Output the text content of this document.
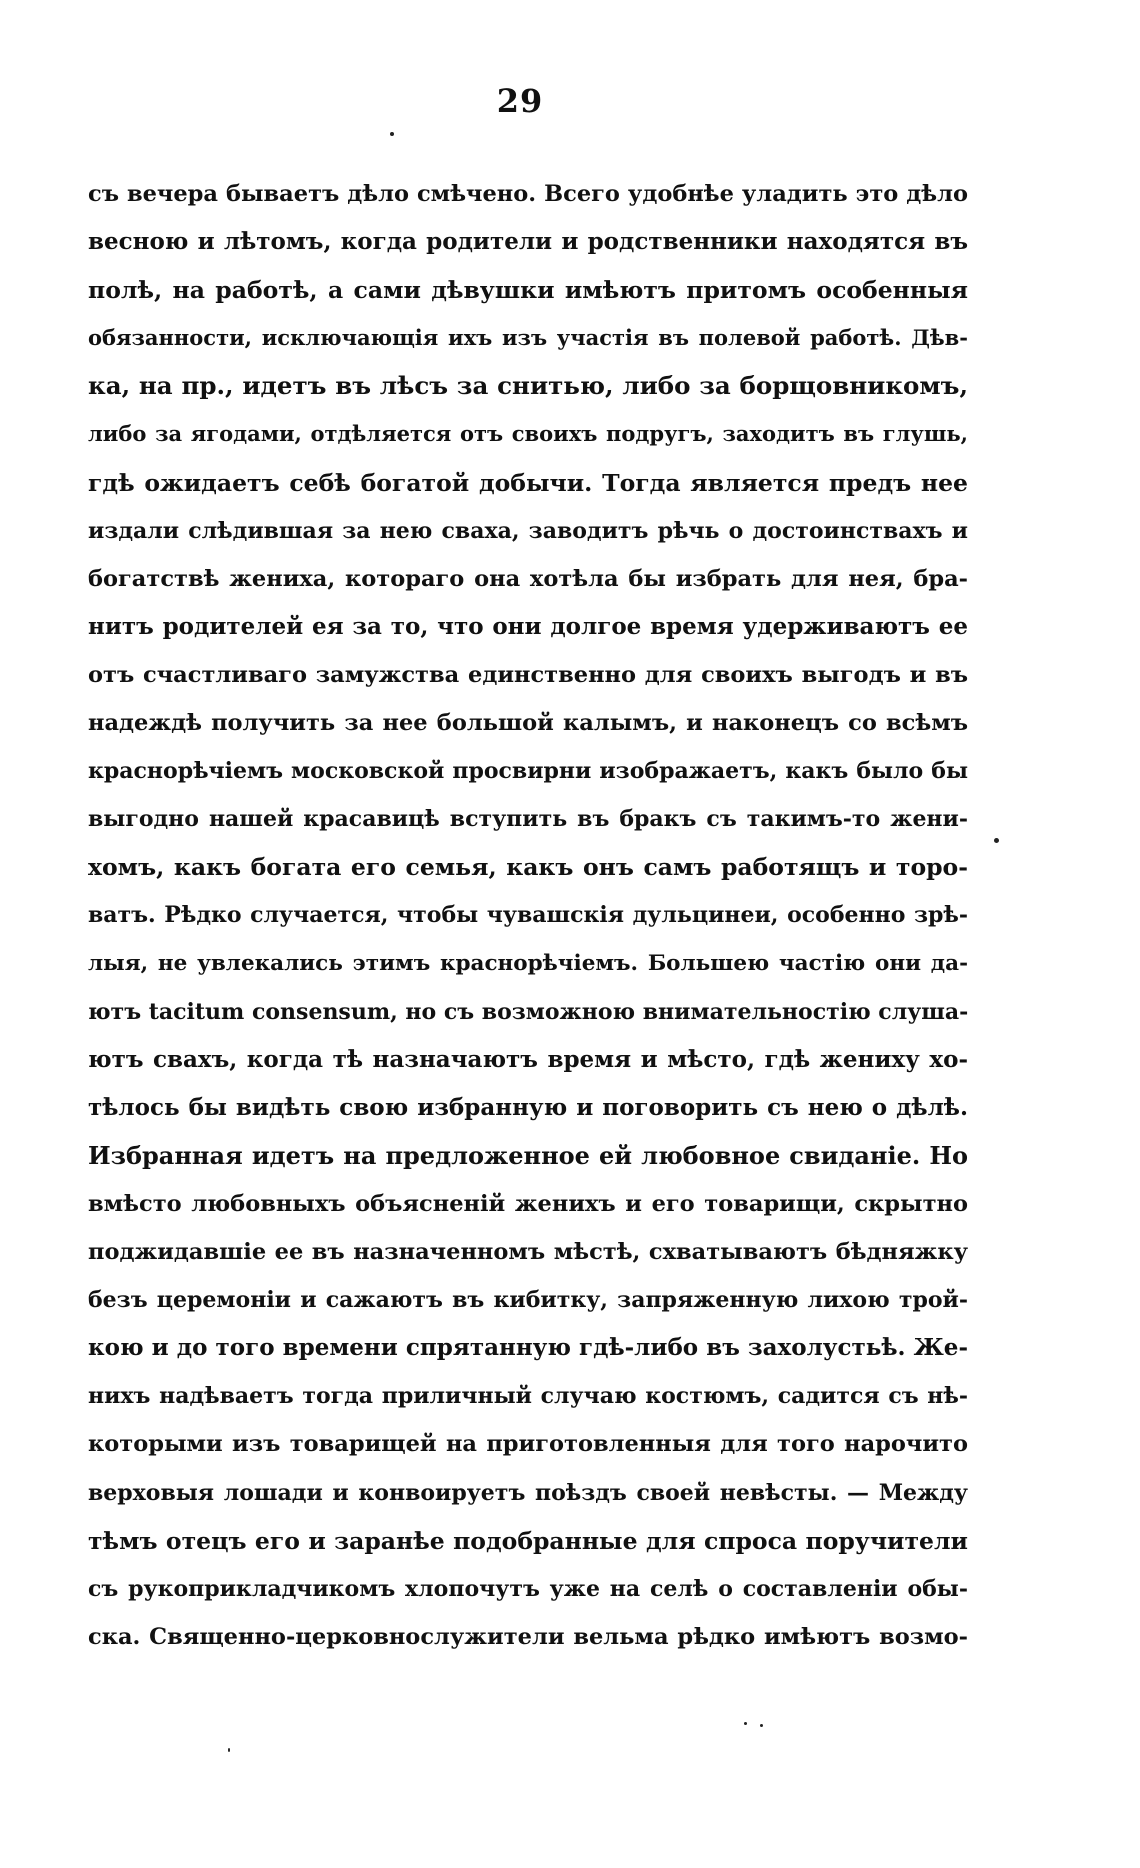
29
съ вечера бываетъ дѣло смѣчено. Всего удобнѣе уладить это дѣло
весною и лѣтомъ, когда родители и родственники находятся въ
полѣ, на работѣ, а сами дѣвушки имѣютъ притомъ особенныя
обязанности, исключающія ихъ изъ участія въ полевой работѣ. Дѣв-
ка, на пр., идетъ въ лѣсъ за снитью, либо за борщовникомъ,
либо за ягодами, отдѣляется отъ своихъ подругъ, заходитъ въ глушь,
гдѣ ожидаетъ себѣ богатой добычи. Тогда является предъ нее
издали слѣдившая за нею сваха, заводитъ рѣчь о достоинствахъ и
богатствѣ жениха, котораго она хотѣла бы избрать для нея, бра-
нитъ родителей ея за то, что они долгое время удерживаютъ ее
отъ счастливаго замужства единственно для своихъ выгодъ и въ
надеждѣ получить за нее большой калымъ, и наконецъ со всѣмъ
краснорѣчіемъ московской просвирни изображаетъ, какъ было бы
выгодно нашей красавицѣ вступить въ бракъ съ такимъ-то жени-
хомъ, какъ богата его семья, какъ онъ самъ работящъ и торо-
ватъ. Рѣдко случается, чтобы чувашскія дульцинеи, особенно зрѣ-
лыя, не увлекались этимъ краснорѣчіемъ. Большею частію они да-
ютъ tacitum consensum, но съ возможною внимательностію слуша-
ютъ свахъ, когда тѣ назначаютъ время и мѣсто, гдѣ жениху хо-
тѣлось бы видѣть свою избранную и поговорить съ нею о дѣлѣ.
Избранная идетъ на предложенное ей любовное свиданіе. Но
вмѣсто любовныхъ объясненій женихъ и его товарищи, скрытно
поджидавшіе ее въ назначенномъ мѣстѣ, схватываютъ бѣдняжку
безъ церемоніи и сажаютъ въ кибитку, запряженную лихою трой-
кою и до того времени спрятанную гдѣ-либо въ захолустьѣ. Же-
нихъ надѣваетъ тогда приличный случаю костюмъ, садится съ нѣ-
которыми изъ товарищей на приготовленныя для того нарочито
верховыя лошади и конвоируетъ поѣздъ своей невѣсты. — Между
тѣмъ отецъ его и заранѣе подобранные для спроса поручители
съ рукоприкладчикомъ хлопочутъ уже на селѣ о составленіи обы-
ска. Священно-церковнослужители вельма рѣдко имѣютъ возмо-
